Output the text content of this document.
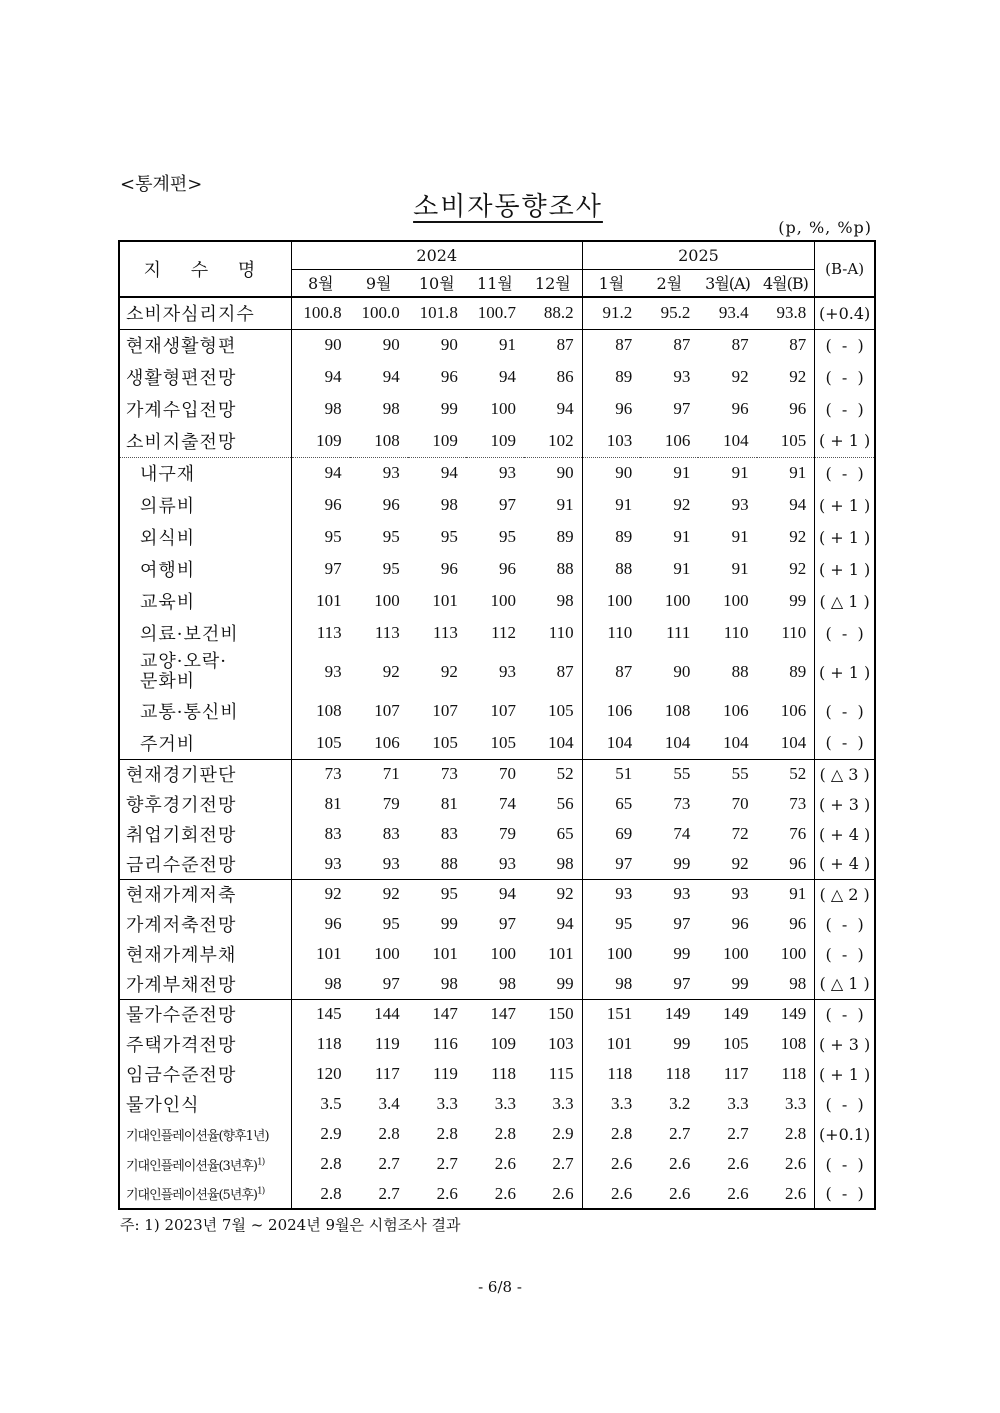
<통계편>
소비자동향조사
(p, %, %p)
지 수 명	2024					2025				(B-A)
	8월	9월	10월	11월	12월	1월	2월	3월(A)	4월(B)	
소비자심리지수	100.8	100.0	101.8	100.7	88.2	91.2	95.2	93.4	93.8	(+0.4)
현재생활형편	90	90	90	91	87	87	87	87	87	(  -  )
생활형편전망	94	94	96	94	86	89	93	92	92	(  -  )
가계수입전망	98	98	99	100	94	96	97	96	96	(  -  )
소비지출전망	109	108	109	109	102	103	106	104	105	( + 1 )
내구재	94	93	94	93	90	90	91	91	91	(  -  )
의류비	96	96	98	97	91	91	92	93	94	( + 1 )
외식비	95	95	95	95	89	89	91	91	92	( + 1 )
여행비	97	95	96	96	88	88	91	91	92	( + 1 )
교육비	101	100	101	100	98	100	100	100	99	( △ 1 )
의료·보건비	113	113	113	112	110	110	111	110	110	(  -  )

교양·오락·
문화비	93	92	92	93	87	87	90	88	89	( + 1 )
교통·통신비	108	107	107	107	105	106	108	106	106	(  -  )
주거비	105	106	105	105	104	104	104	104	104	(  -  )
현재경기판단	73	71	73	70	52	51	55	55	52	( △ 3 )
향후경기전망	81	79	81	74	56	65	73	70	73	( + 3 )
취업기회전망	83	83	83	79	65	69	74	72	76	( + 4 )
금리수준전망	93	93	88	93	98	97	99	92	96	( + 4 )
현재가계저축	92	92	95	94	92	93	93	93	91	( △ 2 )
가계저축전망	96	95	99	97	94	95	97	96	96	(  -  )
현재가계부채	101	100	101	100	101	100	99	100	100	(  -  )
가계부채전망	98	97	98	98	99	98	97	99	98	( △ 1 )
물가수준전망	145	144	147	147	150	151	149	149	149	(  -  )
주택가격전망	118	119	116	109	103	101	99	105	108	( + 3 )
임금수준전망	120	117	119	118	115	118	118	117	118	( + 1 )
물가인식	3.5	3.4	3.3	3.3	3.3	3.3	3.2	3.3	3.3	(  -  )
기대인플레이션율(향후1년)	2.9	2.8	2.8	2.8	2.9	2.8	2.7	2.7	2.8	(+0.1)
기대인플레이션율(3년후)$^{1)}$	2.8	2.7	2.7	2.6	2.7	2.6	2.6	2.6	2.6	(  -  )
기대인플레이션율(5년후)$^{1)}$	2.8	2.7	2.6	2.6	2.6	2.6	2.6	2.6	2.6	(  -  )
주: 1) 2023년 7월 ~ 2024년 9월은 시험조사 결과
- 6/8 -
